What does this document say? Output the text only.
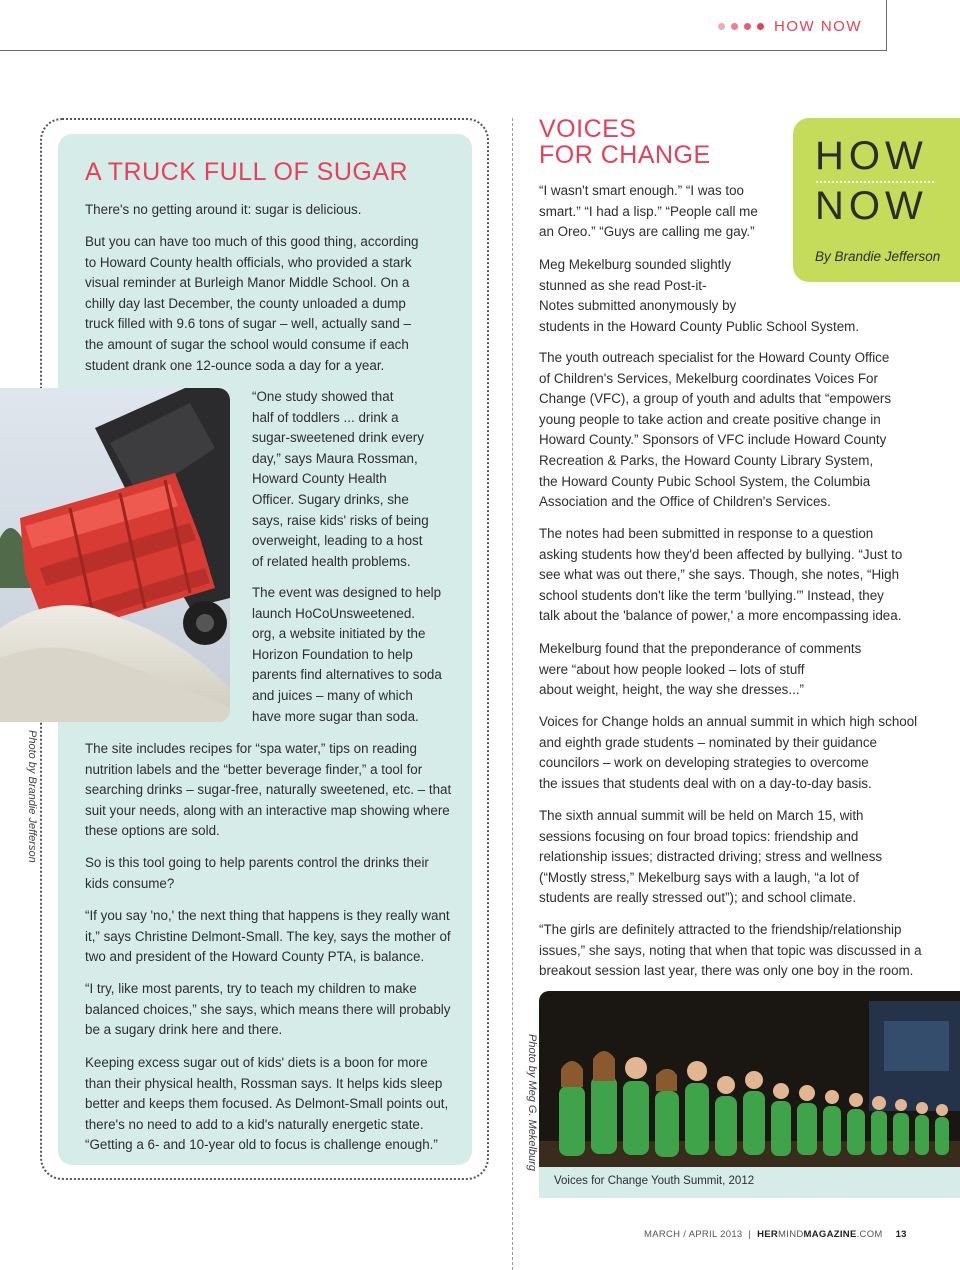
HOW NOW
A TRUCK FULL OF SUGAR
There's no getting around it: sugar is delicious.
But you can have too much of this good thing, according
to Howard County health officials, who provided a stark
visual reminder at Burleigh Manor Middle School. On a
chilly day last December, the county unloaded a dump
truck filled with 9.6 tons of sugar – well, actually sand –
the amount of sugar the school would consume if each
student drank one 12-ounce soda a day for a year.
“One study showed that
half of toddlers ... drink a
sugar-sweetened drink every
day,” says Maura Rossman,
Howard County Health
Officer. Sugary drinks, she
says, raise kids' risks of being
overweight, leading to a host
of related health problems.
The event was designed to help
launch HoCoUnsweetened.
org, a website initiated by the
Horizon Foundation to help
parents find alternatives to soda
and juices – many of which
have more sugar than soda.
The site includes recipes for “spa water,” tips on reading
nutrition labels and the “better beverage finder,” a tool for
searching drinks – sugar-free, naturally sweetened, etc. – that
suit your needs, along with an interactive map showing where
these options are sold.
So is this tool going to help parents control the drinks their
kids consume?
“If you say 'no,' the next thing that happens is they really want
it,” says Christine Delmont-Small. The key, says the mother of
two and president of the Howard County PTA, is balance.
“I try, like most parents, try to teach my children to make
balanced choices,” she says, which means there will probably
be a sugary drink here and there.
Keeping excess sugar out of kids' diets is a boon for more
than their physical health, Rossman says. It helps kids sleep
better and keeps them focused. As Delmont-Small points out,
there's no need to add to a kid's naturally energetic state.
“Getting a 6- and 10-year old to focus is challenge enough.”
Photo by Brandie Jefferson
VOICES
FOR CHANGE	HOW
NOW
By Brandie Jefferson
“I wasn't smart enough.” “I was too
smart.” “I had a lisp.” “People call me
an Oreo.” “Guys are calling me gay.”
Meg Mekelburg sounded slightly
stunned as she read Post-it-
Notes submitted anonymously by
students in the Howard County Public School System.
The youth outreach specialist for the Howard County Office
of Children's Services, Mekelburg coordinates Voices For
Change (VFC), a group of youth and adults that “empowers
young people to take action and create positive change in
Howard County.” Sponsors of VFC include Howard County
Recreation & Parks, the Howard County Library System,
the Howard County Pubic School System, the Columbia
Association and the Office of Children's Services.
The notes had been submitted in response to a question
asking students how they'd been affected by bullying. “Just to
see what was out there,” she says. Though, she notes, “High
school students don't like the term 'bullying.'” Instead, they
talk about the 'balance of power,' a more encompassing idea.
Mekelburg found that the preponderance of comments
were “about how people looked – lots of stuff
about weight, height, the way she dresses...”
Voices for Change holds an annual summit in which high school
and eighth grade students – nominated by their guidance
councilors – work on developing strategies to overcome
the issues that students deal with on a day-to-day basis.
The sixth annual summit will be held on March 15, with
sessions focusing on four broad topics: friendship and
relationship issues; distracted driving; stress and wellness
(“Mostly stress,” Mekelburg says with a laugh, “a lot of
students are really stressed out”); and school climate.
“The girls are definitely attracted to the friendship/relationship
issues,” she says, noting that when that topic was discussed in a
breakout session last year, there was only one boy in the room.
Voices for Change Youth Summit, 2012
Photo by Meg G. Mekelburg
MARCH / APRIL 2013 | HERMINDMAGAZINE.COM 13
